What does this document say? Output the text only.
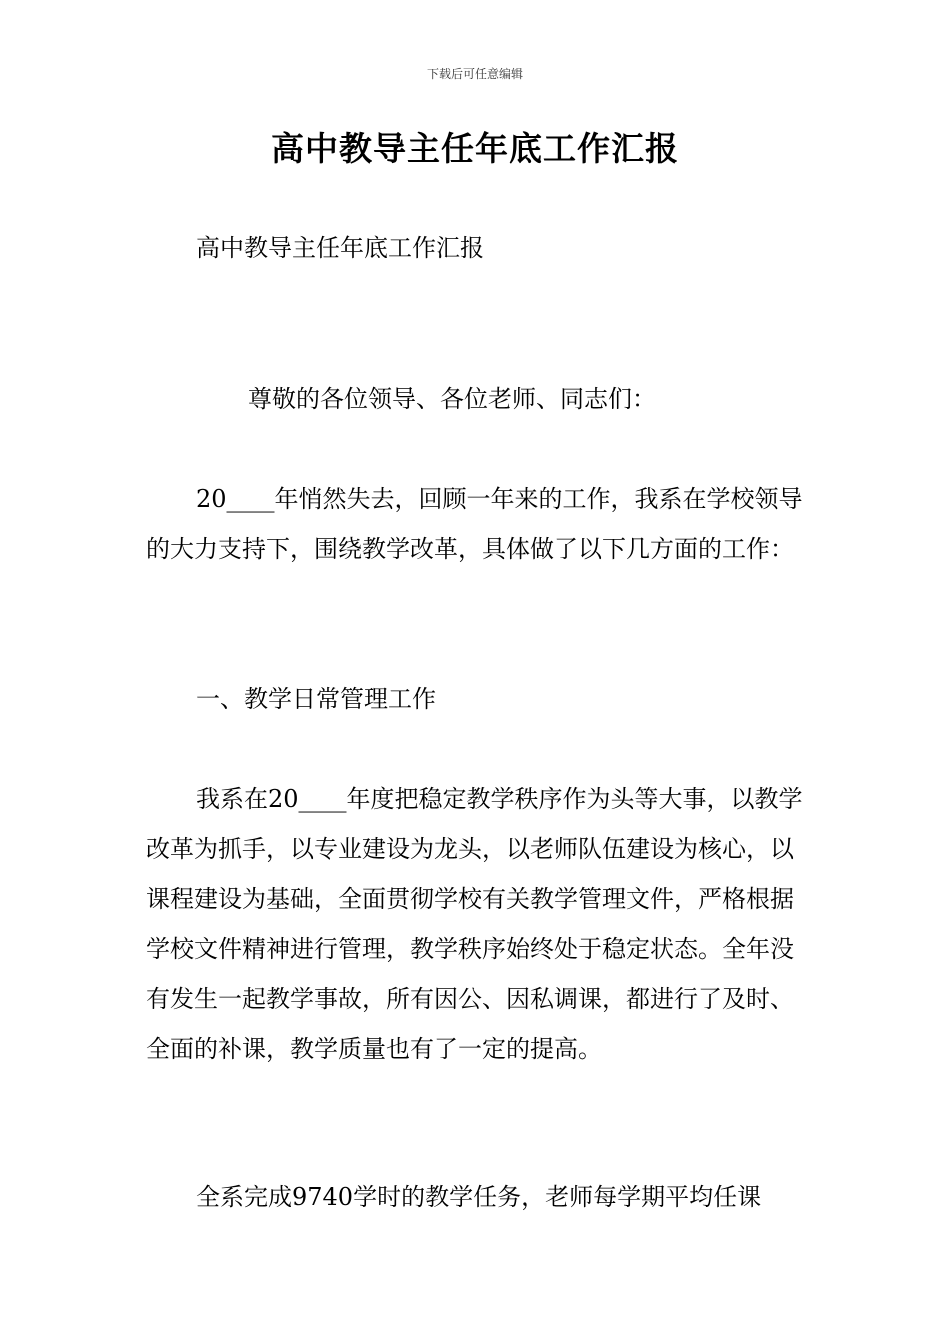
下载后可任意编辑
高中教导主任年底工作汇报
高中教导主任年底工作汇报

尊敬的各位领导、各位老师、同志们：

20____年悄然失去，回顾一年来的工作，我系在学校领导的大力支持下，围绕教学改革，具体做了以下几方面的工作：

一、教学日常管理工作

我系在20____年度把稳定教学秩序作为头等大事，以教学改革为抓手，以专业建设为龙头，以老师队伍建设为核心，以课程建设为基础，全面贯彻学校有关教学管理文件，严格根据学校文件精神进行管理，教学秩序始终处于稳定状态。全年没有发生一起教学事故，所有因公、因私调课，都进行了及时、全面的补课，教学质量也有了一定的提高。

全系完成9740学时的教学任务，老师每学期平均任课
